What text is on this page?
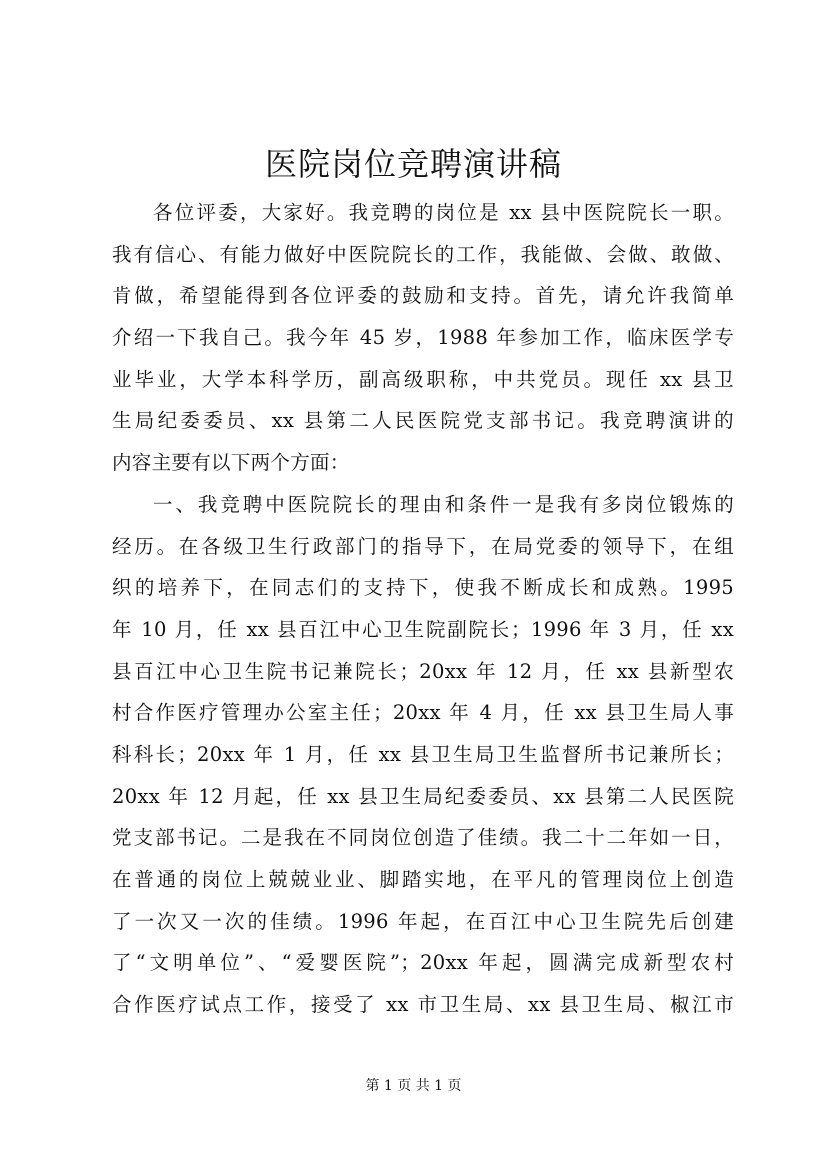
医院岗位竞聘演讲稿
各位评委，大家好。我竞聘的岗位是 xx 县中医院院长一职。
我有信心、有能力做好中医院院长的工作，我能做、会做、敢做、
肯做，希望能得到各位评委的鼓励和支持。首先，请允许我简单
介绍一下我自己。我今年 45 岁，1988 年参加工作，临床医学专
业毕业，大学本科学历，副高级职称，中共党员。现任 xx 县卫
生局纪委委员、xx 县第二人民医院党支部书记。我竞聘演讲的
内容主要有以下两个方面：
一、我竞聘中医院院长的理由和条件一是我有多岗位锻炼的
经历。在各级卫生行政部门的指导下，在局党委的领导下，在组
织的培养下，在同志们的支持下，使我不断成长和成熟。1995
年 10 月，任 xx 县百江中心卫生院副院长；1996 年 3 月，任 xx
县百江中心卫生院书记兼院长；20xx 年 12 月，任 xx 县新型农
村合作医疗管理办公室主任；20xx 年 4 月，任 xx 县卫生局人事
科科长；20xx 年 1 月，任 xx 县卫生局卫生监督所书记兼所长；
20xx 年 12 月起，任 xx 县卫生局纪委委员、xx 县第二人民医院
党支部书记。二是我在不同岗位创造了佳绩。我二十二年如一日，
在普通的岗位上兢兢业业、脚踏实地，在平凡的管理岗位上创造
了一次又一次的佳绩。1996 年起，在百江中心卫生院先后创建
了“文明单位”、“爱婴医院”；20xx 年起，圆满完成新型农村
合作医疗试点工作，接受了 xx 市卫生局、xx 县卫生局、椒江市
第 1 页 共 1 页
